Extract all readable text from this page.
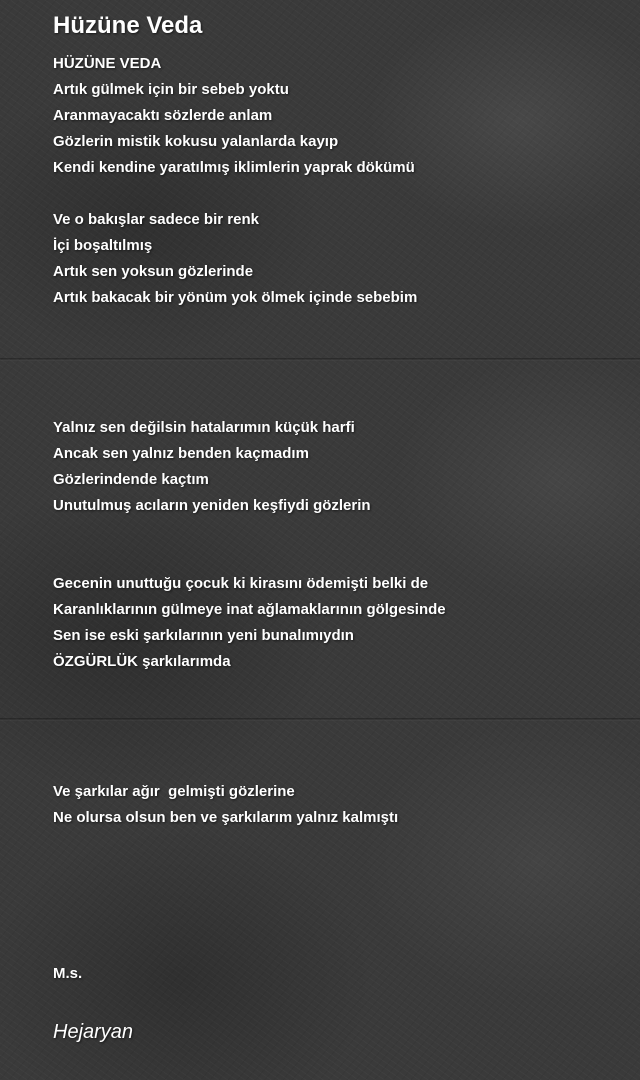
Hüzüne Veda
HÜZÜNE VEDA
Artık gülmek için bir sebeb yoktu
Aranmayacaktı sözlerde anlam
Gözlerin mistik kokusu yalanlarda kayıp
Kendi kendine yaratılmış iklimlerin yaprak dökümü
Ve o bakışlar sadece bir renk
İçi boşaltılmış
Artık sen yoksun gözlerinde
Artık bakacak bir yönüm yok ölmek içinde sebebim
Yalnız sen değilsin hatalarımın küçük harfi
Ancak sen yalnız benden kaçmadım
Gözlerindende kaçtım
Unutulmuş acıların yeniden keşfiydi gözlerin
Gecenin unuttuğu çocuk ki kirasını ödemişti belki de
Karanlıklarının gülmeye inat ağlamaklarının gölgesinde
Sen ise eski şarkılarının yeni bunalımıydın
ÖZGÜRLÜK şarkılarımda
Ve şarkılar ağır  gelmişti gözlerine
Ne olursa olsun ben ve şarkılarım yalnız kalmıştı
M.s.
Hejaryan
